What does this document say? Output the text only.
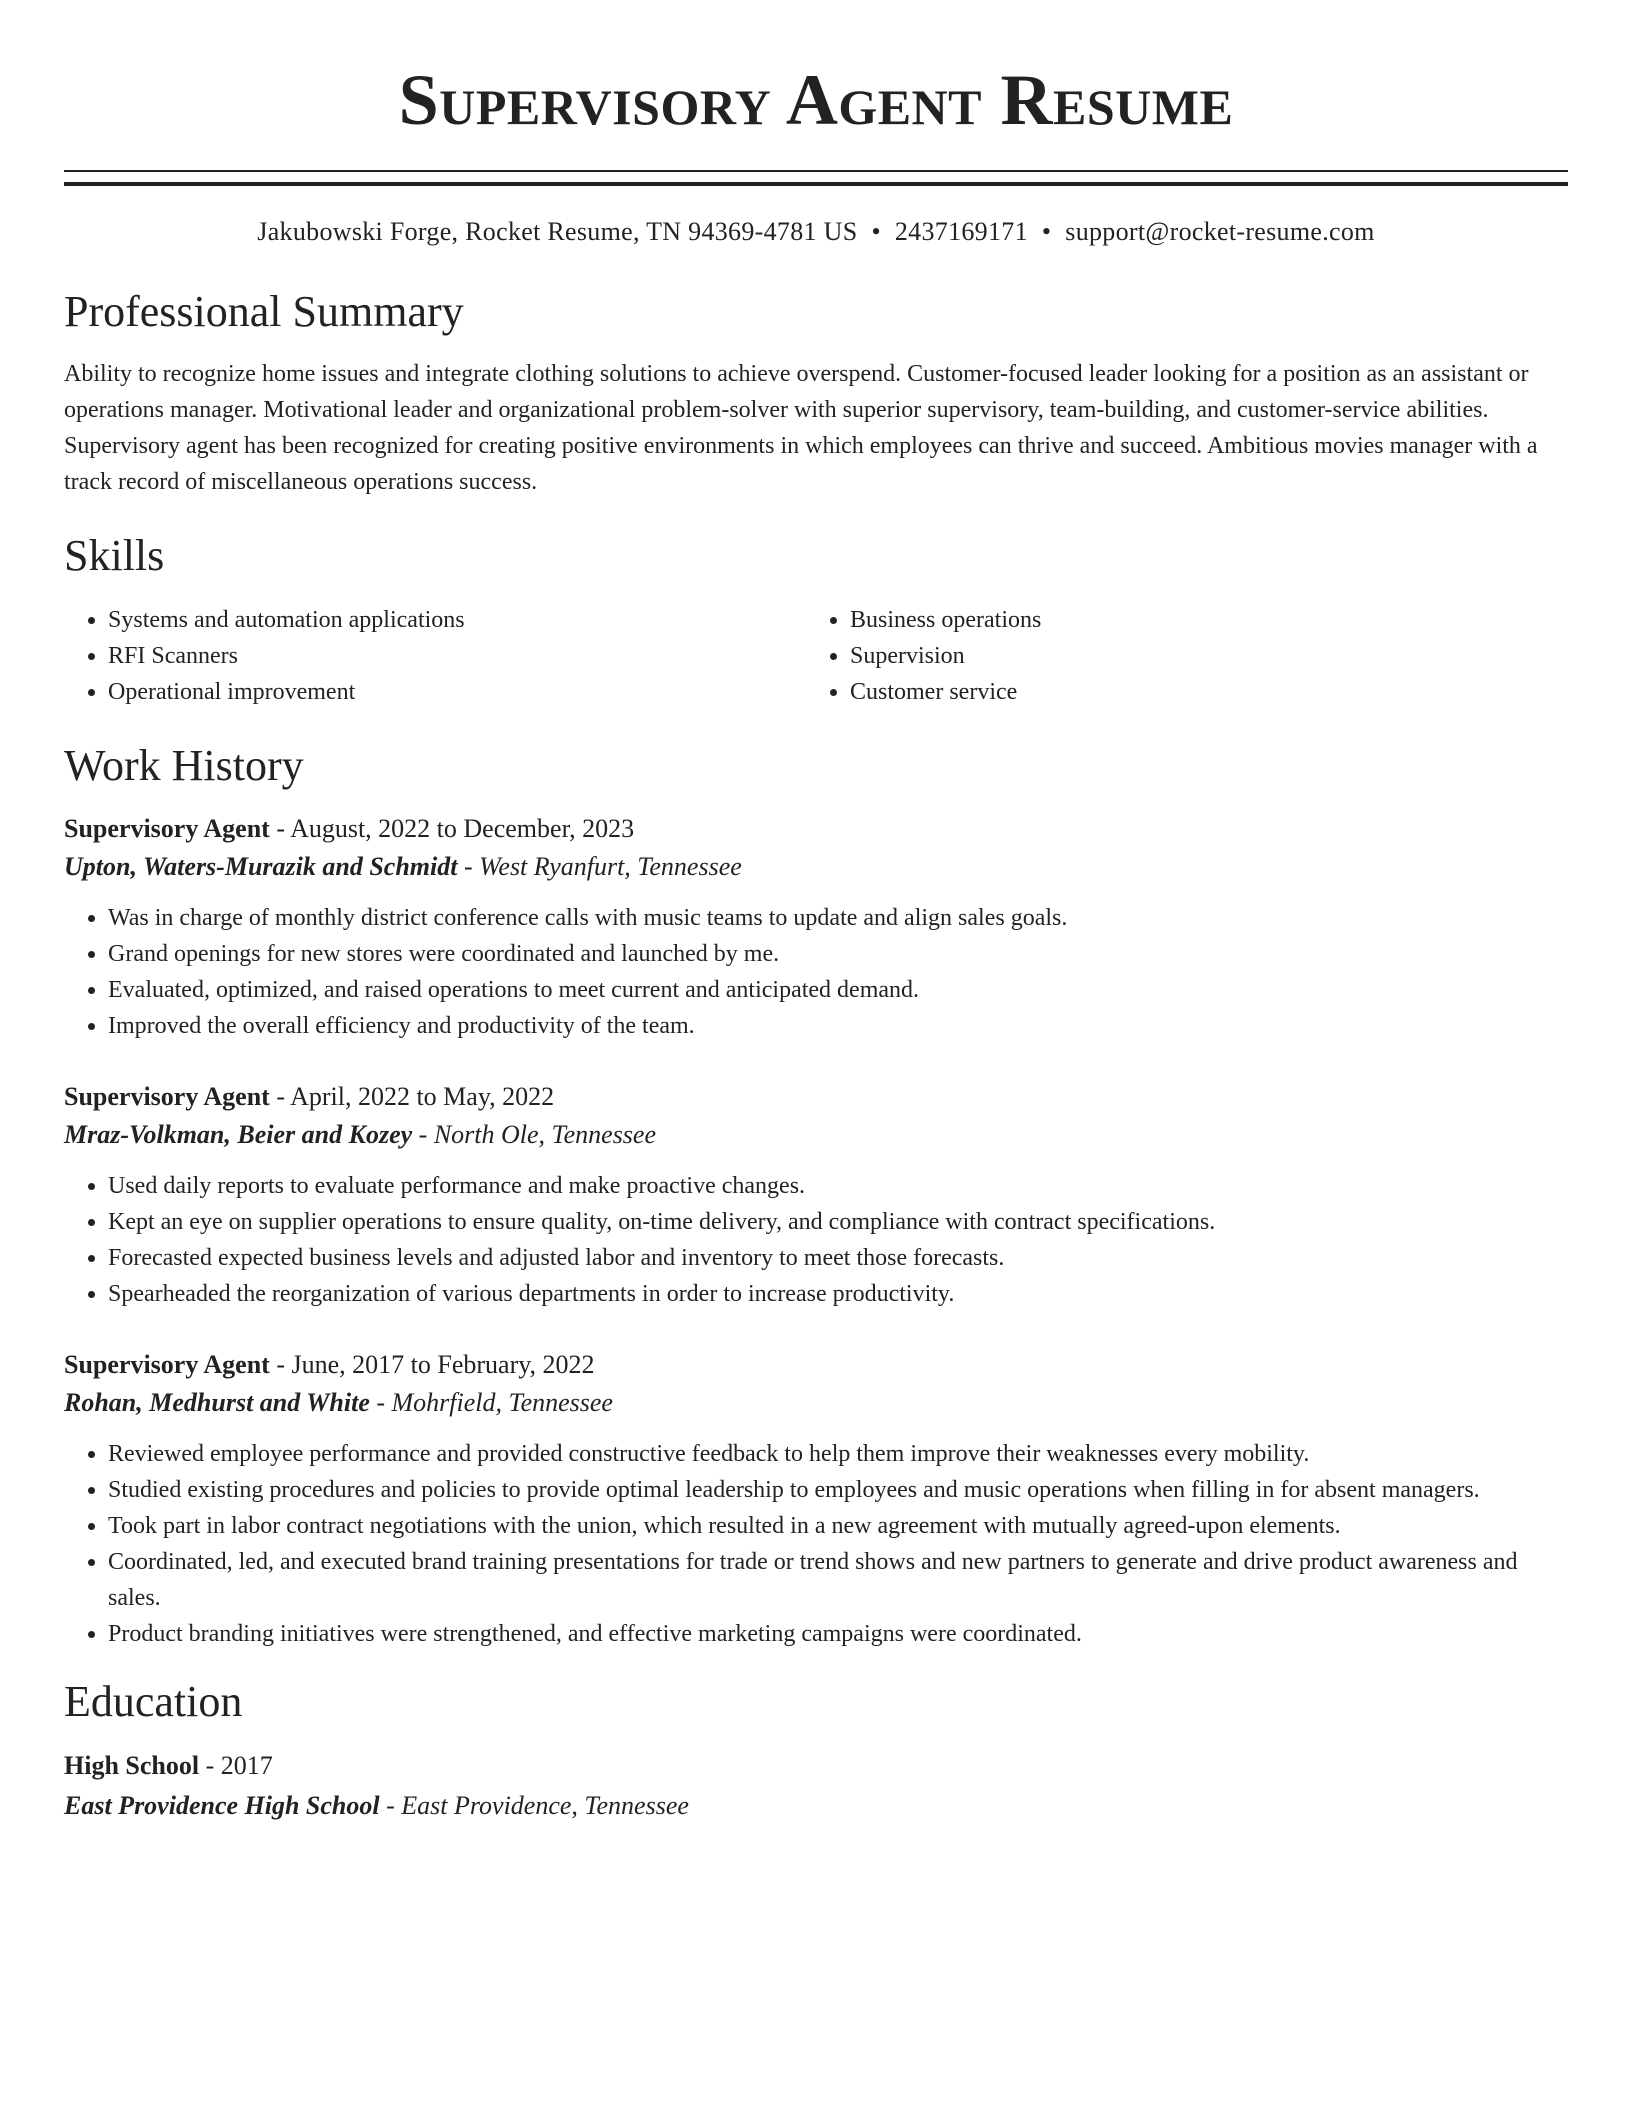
Supervisory Agent Resume
Jakubowski Forge, Rocket Resume, TN 94369-4781 US • 2437169171 • support@rocket-resume.com
Professional Summary

Ability to recognize home issues and integrate clothing solutions to achieve overspend. Customer-focused leader looking for a position as an assistant or operations manager. Motivational leader and organizational problem-solver with superior supervisory, team-building, and customer-service abilities. Supervisory agent has been recognized for creating positive environments in which employees can thrive and succeed. Ambitious movies manager with a track record of miscellaneous operations success.

Skills
• Systems and automation applications
• RFI Scanners
• Operational improvement
• Business operations
• Supervision
• Customer service
Work History
Supervisory Agent - August, 2022 to December, 2023
Upton, Waters-Murazik and Schmidt - West Ryanfurt, Tennessee
• Was in charge of monthly district conference calls with music teams to update and align sales goals.
• Grand openings for new stores were coordinated and launched by me.
• Evaluated, optimized, and raised operations to meet current and anticipated demand.
• Improved the overall efficiency and productivity of the team.
Supervisory Agent - April, 2022 to May, 2022
Mraz-Volkman, Beier and Kozey - North Ole, Tennessee
• Used daily reports to evaluate performance and make proactive changes.
• Kept an eye on supplier operations to ensure quality, on-time delivery, and compliance with contract specifications.
• Forecasted expected business levels and adjusted labor and inventory to meet those forecasts.
• Spearheaded the reorganization of various departments in order to increase productivity.
Supervisory Agent - June, 2017 to February, 2022
Rohan, Medhurst and White - Mohrfield, Tennessee
• Reviewed employee performance and provided constructive feedback to help them improve their weaknesses every mobility.
• Studied existing procedures and policies to provide optimal leadership to employees and music operations when filling in for absent managers.
• Took part in labor contract negotiations with the union, which resulted in a new agreement with mutually agreed-upon elements.
• Coordinated, led, and executed brand training presentations for trade or trend shows and new partners to generate and drive product awareness and sales.
• Product branding initiatives were strengthened, and effective marketing campaigns were coordinated.
Education
High School - 2017
East Providence High School - East Providence, Tennessee
